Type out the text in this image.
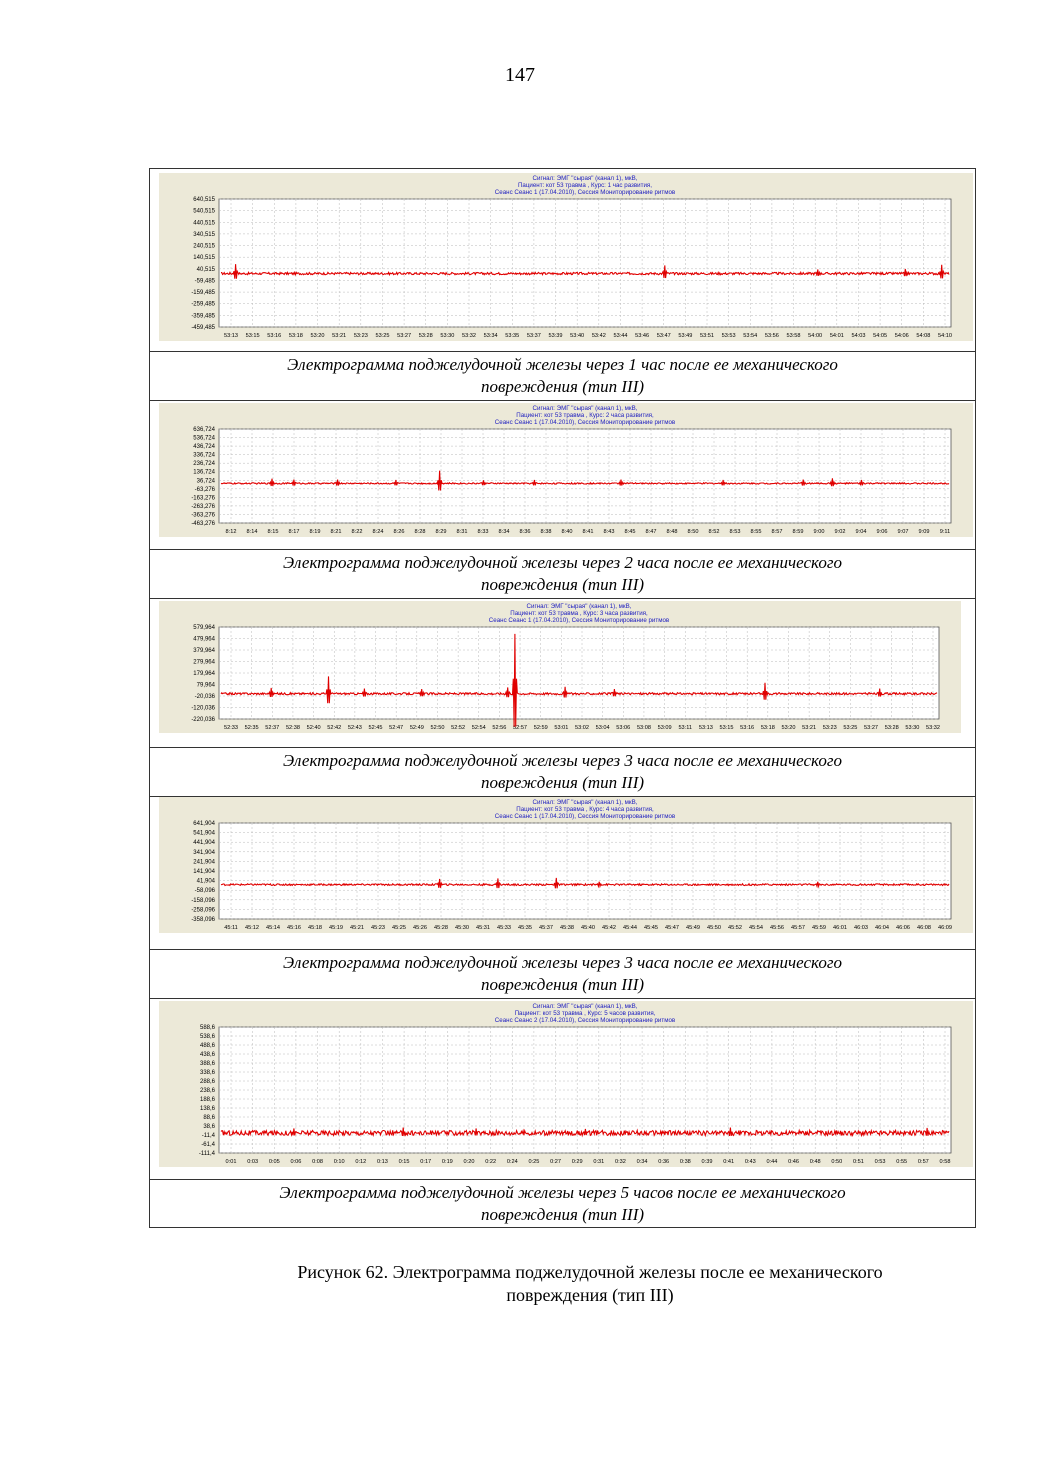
147
Сигнал: ЭМГ "сырая" (канал 1), мкВ,
Пациент: кот 53 травма , Курс: 1 час развития,
Сеанс Сеанс 1 (17.04.2010), Сессия Мониторирование ритмов
640,515
540,515
440,515
340,515
240,515
140,515
40,515
-59,485
-159,485
-259,485
-359,485
-459,485
53:13 53:15 53:16 53:18 53:20 53:21 53:23 53:25 53:27 53:28 53:30 53:32 53:34 53:35 53:37 53:39 53:40 53:42 53:44 53:46 53:47 53:49 53:51 53:53 53:54 53:56 53:58 54:00 54:01 54:03 54:05 54:06 54:08 54:10
Электрограмма поджелудочной железы через 1 час после ее механического
повреждения (тип III)
Сигнал: ЭМГ "сырая" (канал 1), мкВ,
Пациент: кот 53 травма , Курс: 2 часа развития,
Сеанс Сеанс 1 (17.04.2010), Сессия Мониторирование ритмов
636,724
536,724
436,724
336,724
236,724
136,724
36,724
-63,276
-163,276
-263,276
-363,276
-463,276
8:12 8:14 8:15 8:17 8:19 8:21 8:22 8:24 8:26 8:28 8:29 8:31 8:33 8:34 8:36 8:38 8:40 8:41 8:43 8:45 8:47 8:48 8:50 8:52 8:53 8:55 8:57 8:59 9:00 9:02 9:04 9:06 9:07 9:09 9:11
Электрограмма поджелудочной железы через 2 часа после ее механического
повреждения (тип III)
Сигнал: ЭМГ "сырая" (канал 1), мкВ,
Пациент: кот 53 травма , Курс: 3 часа развития,
Сеанс Сеанс 1 (17.04.2010), Сессия Мониторирование ритмов
579,964
479,964
379,964
279,964
179,964
79,964
-20,036
-120,036
-220,036
52:33 52:35 52:37 52:38 52:40 52:42 52:43 52:45 52:47 52:49 52:50 52:52 52:54 52:56 52:57 52:59 53:01 53:02 53:04 53:06 53:08 53:09 53:11 53:13 53:15 53:16 53:18 53:20 53:21 53:23 53:25 53:27 53:28 53:30 53:32
Электрограмма поджелудочной железы через 3 часа после ее механического
повреждения (тип III)
Сигнал: ЭМГ "сырая" (канал 1), мкВ,
Пациент: кот 53 травма , Курс: 4 часа развития,
Сеанс Сеанс 1 (17.04.2010), Сессия Мониторирование ритмов
641,904
541,904
441,904
341,904
241,904
141,904
41,904
-58,096
-158,096
-258,096
-358,096
45:11 45:12 45:14 45:16 45:18 45:19 45:21 45:23 45:25 45:26 45:28 45:30 45:31 45:33 45:35 45:37 45:38 45:40 45:42 45:44 45:45 45:47 45:49 45:50 45:52 45:54 45:56 45:57 45:59 46:01 46:03 46:04 46:06 46:08 46:09
Электрограмма поджелудочной железы через 3 часа после ее механического
повреждения (тип III)
Сигнал: ЭМГ "сырая" (канал 1), мкВ,
Пациент: кот 53 травма , Курс: 5 часов развития,
Сеанс Сеанс 2 (17.04.2010), Сессия Мониторирование ритмов
588,6
538,6
488,6
438,6
388,6
338,6
288,6
238,6
188,6
138,6
88,6
38,6
-11,4
-61,4
-111,4
0:01 0:03 0:05 0:06 0:08 0:10 0:12 0:13 0:15 0:17 0:19 0:20 0:22 0:24 0:25 0:27 0:29 0:31 0:32 0:34 0:36 0:38 0:39 0:41 0:43 0:44 0:46 0:48 0:50 0:51 0:53 0:55 0:57 0:58
Электрограмма поджелудочной железы через 5 часов после ее механического
повреждения (тип III)
Рисунок 62. Электрограмма поджелудочной железы после ее механического
повреждения (тип III)
